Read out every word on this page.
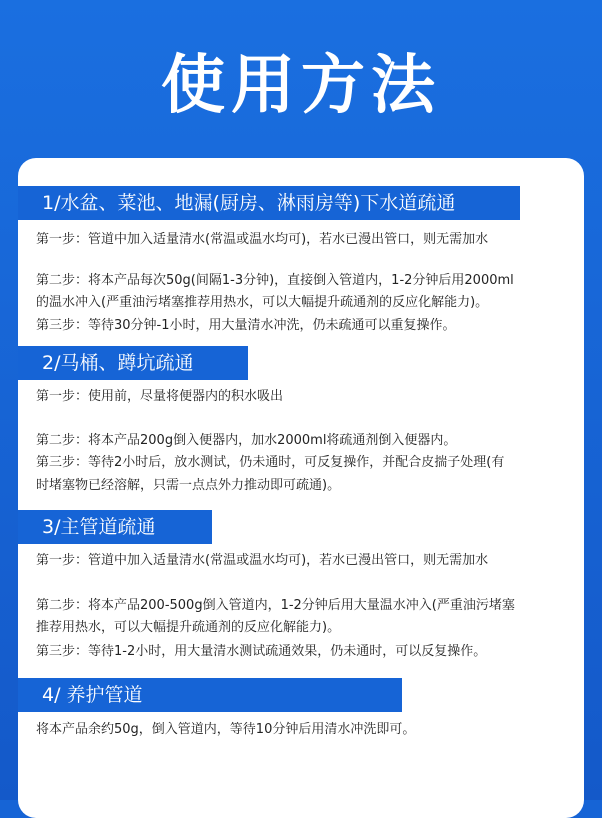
使用方法
1/水盆、菜池、地漏(厨房、淋雨房等)下水道疏通
第一步：管道中加入适量清水(常温或温水均可)，若水已漫出管口，则无需加水
第二步：将本产品每次50g(间隔1-3分钟)，直接倒入管道内，1-2分钟后用2000ml
的温水冲入(严重油污堵塞推荐用热水，可以大幅提升疏通剂的反应化解能力)。
第三步：等待30分钟-1小时，用大量清水冲洗，仍未疏通可以重复操作。
2/马桶、蹲坑疏通
第一步：使用前，尽量将便器内的积水吸出
第二步：将本产品200g倒入便器内，加水2000ml将疏通剂倒入便器内。
第三步：等待2小时后，放水测试，仍未通时，可反复操作，并配合皮揣子处理(有
时堵塞物已经溶解，只需一点点外力推动即可疏通)。
3/主管道疏通
第一步：管道中加入适量清水(常温或温水均可)，若水已漫出管口，则无需加水
第二步：将本产品200-500g倒入管道内，1-2分钟后用大量温水冲入(严重油污堵塞
推荐用热水，可以大幅提升疏通剂的反应化解能力)。
第三步：等待1-2小时，用大量清水测试疏通效果，仍未通时，可以反复操作。
4/ 养护管道
将本产品余约50g，倒入管道内，等待10分钟后用清水冲洗即可。
